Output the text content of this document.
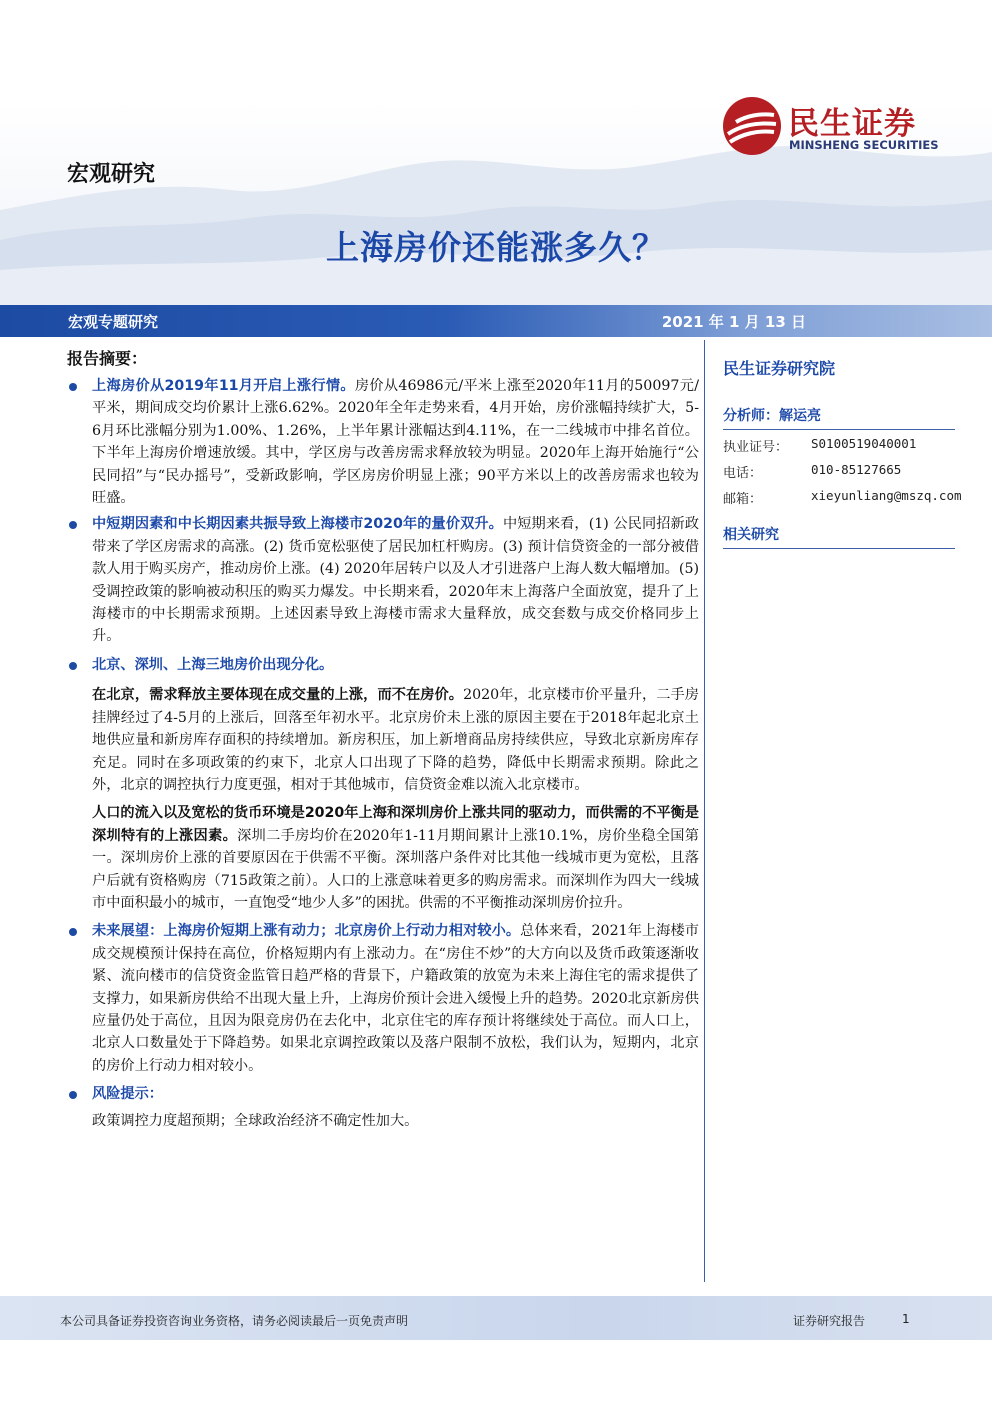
民生证券
MINSHENG SECURITIES
宏观研究
上海房价还能涨多久？
宏观专题研究	2021 年 1 月 13 日
报告摘要：
上海房价从2019年11月开启上涨行情。房价从46986元/平米上涨至2020年11月的50097元/平米，期间成交均价累计上涨6.62%。2020年全年走势来看，4月开始，房价涨幅持续扩大，5-6月环比涨幅分别为1.00%、1.26%，上半年累计涨幅达到4.11%，在一二线城市中排名首位。下半年上海房价增速放缓。其中，学区房与改善房需求释放较为明显。2020年上海开始施行“公民同招”与“民办摇号”，受新政影响，学区房房价明显上涨；90平方米以上的改善房需求也较为旺盛。
中短期因素和中长期因素共振导致上海楼市2020年的量价双升。中短期来看，(1) 公民同招新政带来了学区房需求的高涨。(2) 货币宽松驱使了居民加杠杆购房。(3) 预计信贷资金的一部分被借款人用于购买房产，推动房价上涨。(4) 2020年居转户以及人才引进落户上海人数大幅增加。(5) 受调控政策的影响被动积压的购买力爆发。中长期来看，2020年末上海落户全面放宽，提升了上海楼市的中长期需求预期。上述因素导致上海楼市需求大量释放，成交套数与成交价格同步上升。
北京、深圳、上海三地房价出现分化。
在北京，需求释放主要体现在成交量的上涨，而不在房价。2020年，北京楼市价平量升，二手房挂牌经过了4-5月的上涨后，回落至年初水平。北京房价未上涨的原因主要在于2018年起北京土地供应量和新房库存面积的持续增加。新房积压，加上新增商品房持续供应，导致北京新房库存充足。同时在多项政策的约束下，北京人口出现了下降的趋势，降低中长期需求预期。除此之外，北京的调控执行力度更强，相对于其他城市，信贷资金难以流入北京楼市。
人口的流入以及宽松的货币环境是2020年上海和深圳房价上涨共同的驱动力，而供需的不平衡是深圳特有的上涨因素。深圳二手房均价在2020年1-11月期间累计上涨10.1%，房价坐稳全国第一。深圳房价上涨的首要原因在于供需不平衡。深圳落户条件对比其他一线城市更为宽松，且落户后就有资格购房（715政策之前）。人口的上涨意味着更多的购房需求。而深圳作为四大一线城市中面积最小的城市，一直饱受“地少人多”的困扰。供需的不平衡推动深圳房价拉升。
未来展望：上海房价短期上涨有动力；北京房价上行动力相对较小。总体来看，2021年上海楼市成交规模预计保持在高位，价格短期内有上涨动力。在“房住不炒”的大方向以及货币政策逐渐收紧、流向楼市的信贷资金监管日趋严格的背景下，户籍政策的放宽为未来上海住宅的需求提供了支撑力，如果新房供给不出现大量上升，上海房价预计会进入缓慢上升的趋势。2020北京新房供应量仍处于高位，且因为限竞房仍在去化中，北京住宅的库存预计将继续处于高位。而人口上，北京人口数量处于下降趋势。如果北京调控政策以及落户限制不放松，我们认为，短期内，北京的房价上行动力相对较小。
风险提示：
政策调控力度超预期；全球政治经济不确定性加大。
民生证券研究院
分析师：解运亮
执业证号： S0100519040001
电话：	010-85127665
邮箱：	xieyunliang@mszq.com
相关研究
本公司具备证券投资咨询业务资格，请务必阅读最后一页免责声明	证券研究报告	1
